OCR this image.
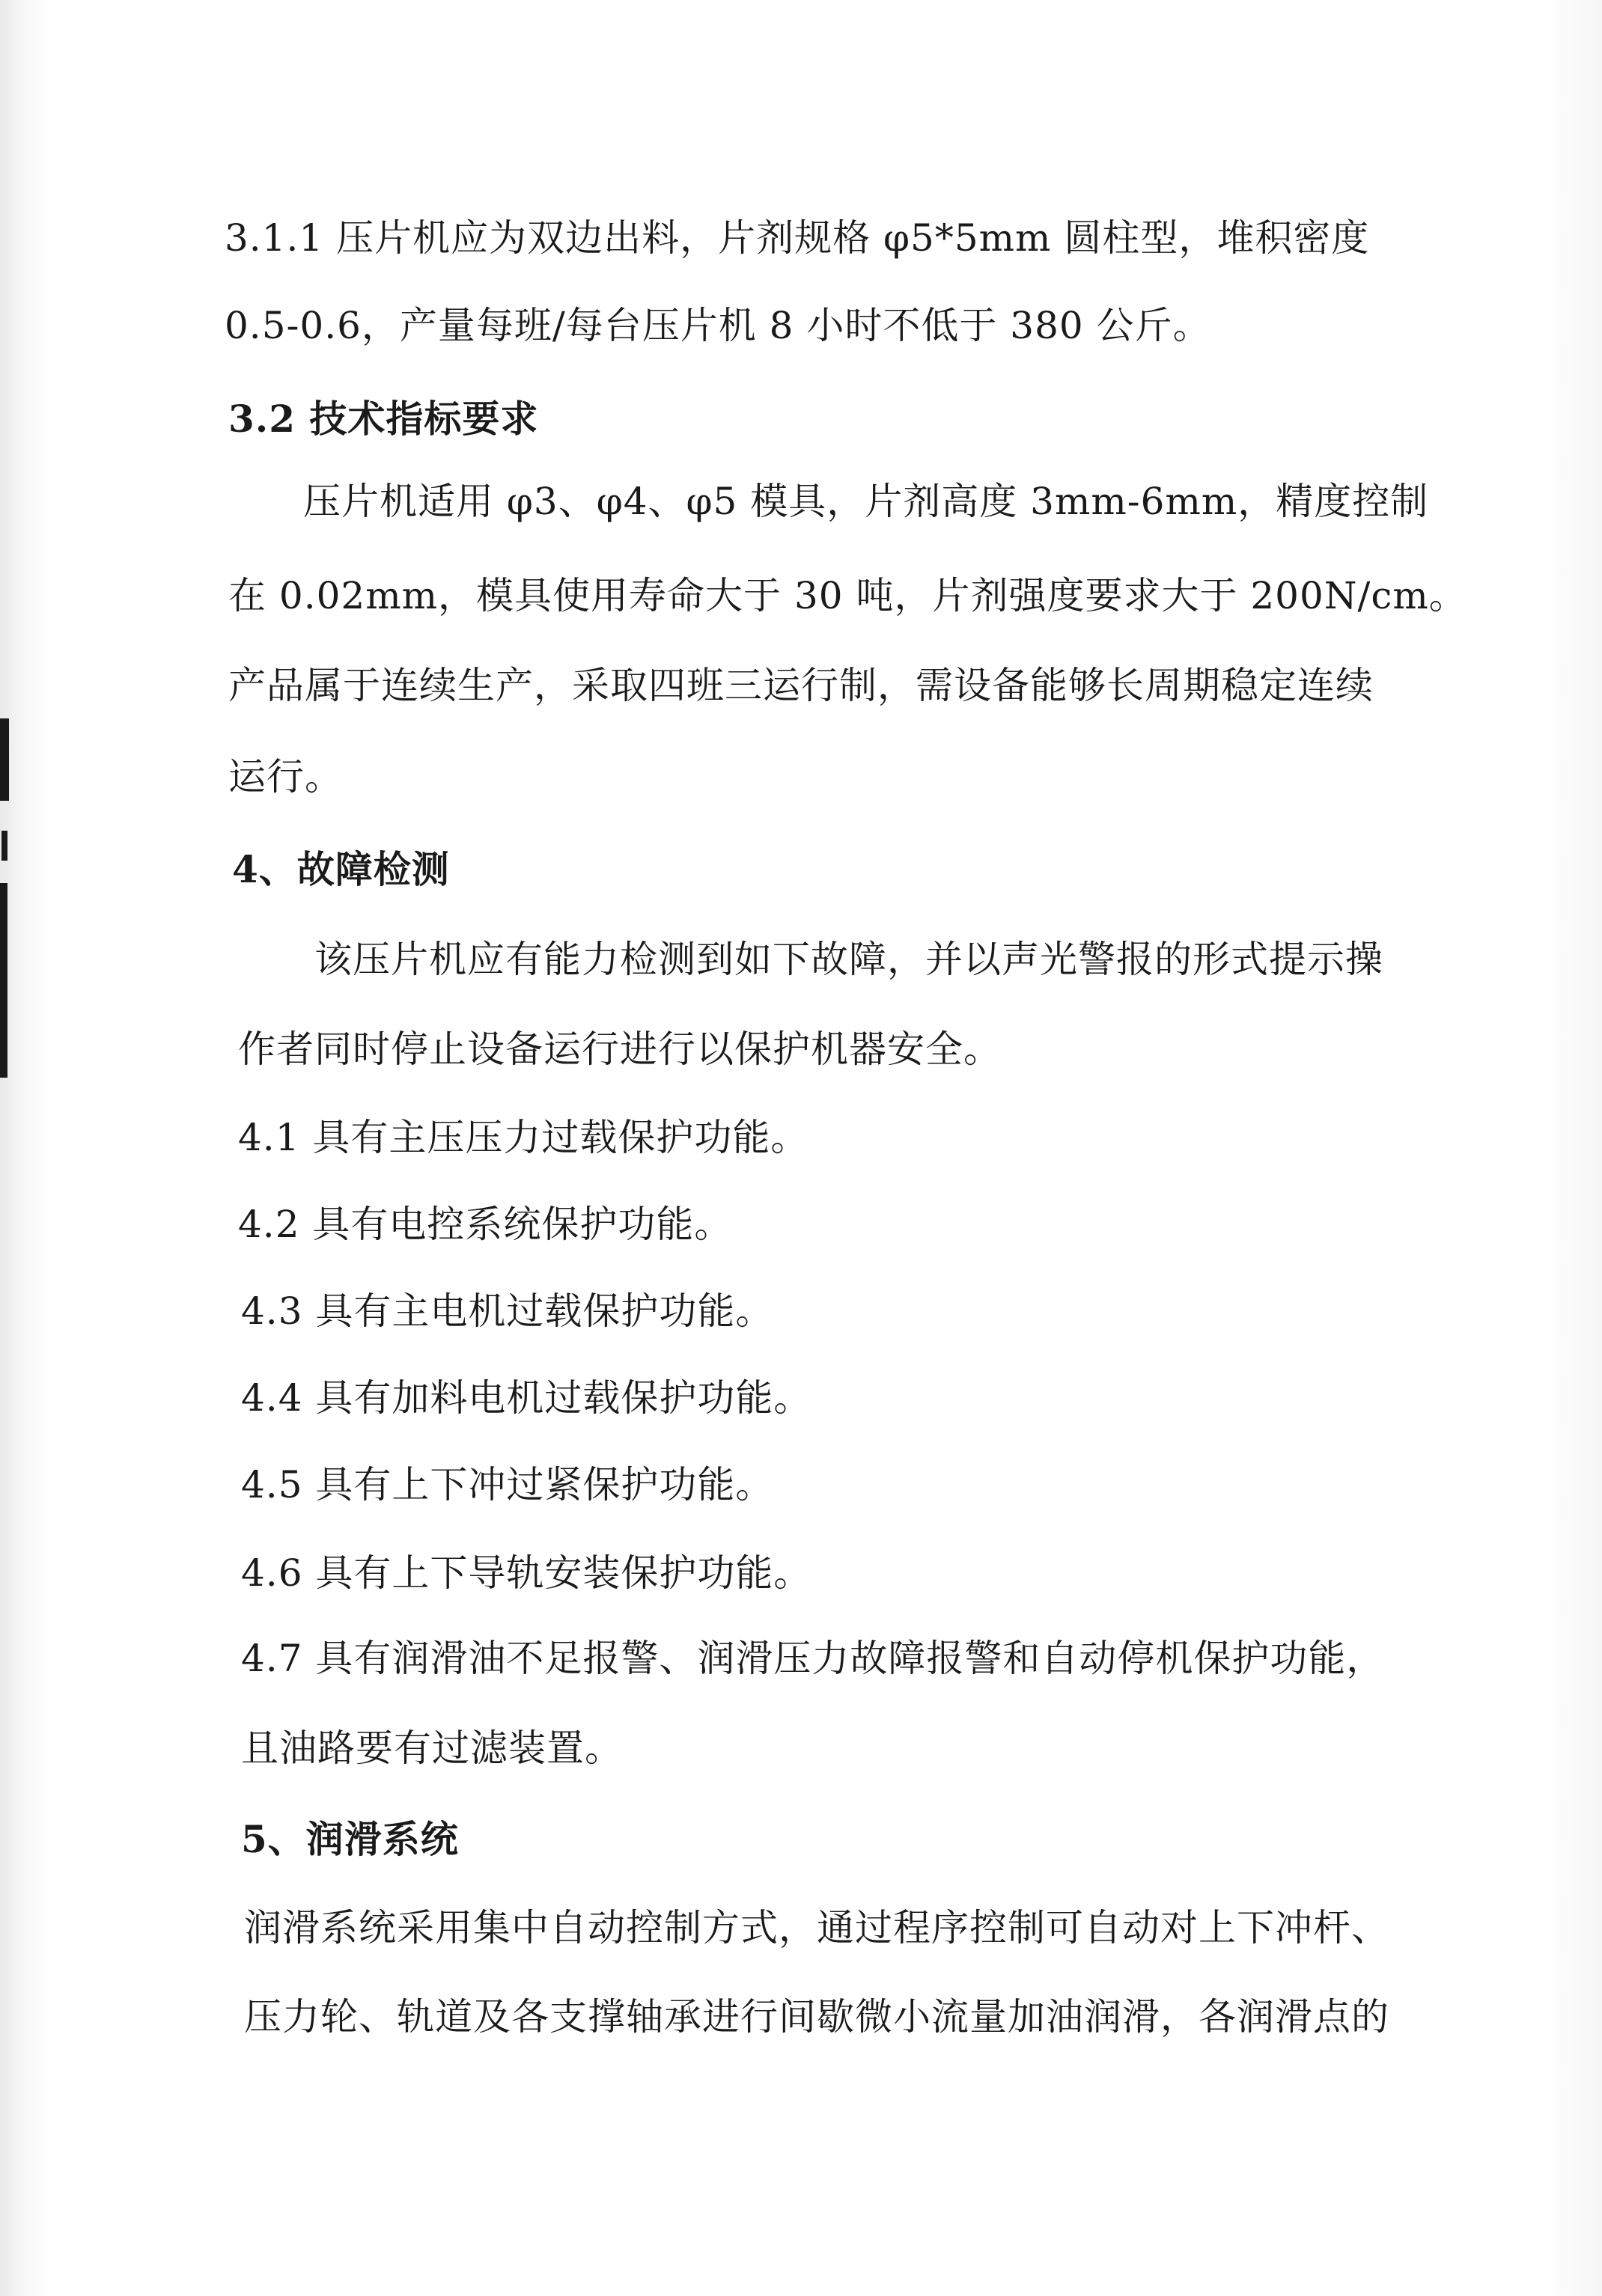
3.1.1 压片机应为双边出料，片剂规格 φ5*5mm 圆柱型，堆积密度
0.5-0.6，产量每班/每台压片机 8 小时不低于 380 公斤。
3.2 技术指标要求
压片机适用 φ3、φ4、φ5 模具，片剂高度 3mm-6mm，精度控制
在 0.02mm，模具使用寿命大于 30 吨，片剂强度要求大于 200N/cm。
产品属于连续生产，采取四班三运行制，需设备能够长周期稳定连续
运行。
4、故障检测
该压片机应有能力检测到如下故障，并以声光警报的形式提示操
作者同时停止设备运行进行以保护机器安全。
4.1 具有主压压力过载保护功能。
4.2 具有电控系统保护功能。
4.3 具有主电机过载保护功能。
4.4 具有加料电机过载保护功能。
4.5 具有上下冲过紧保护功能。
4.6 具有上下导轨安装保护功能。
4.7 具有润滑油不足报警、润滑压力故障报警和自动停机保护功能，
且油路要有过滤装置。
5、润滑系统
润滑系统采用集中自动控制方式，通过程序控制可自动对上下冲杆、
压力轮、轨道及各支撑轴承进行间歇微小流量加油润滑，各润滑点的
